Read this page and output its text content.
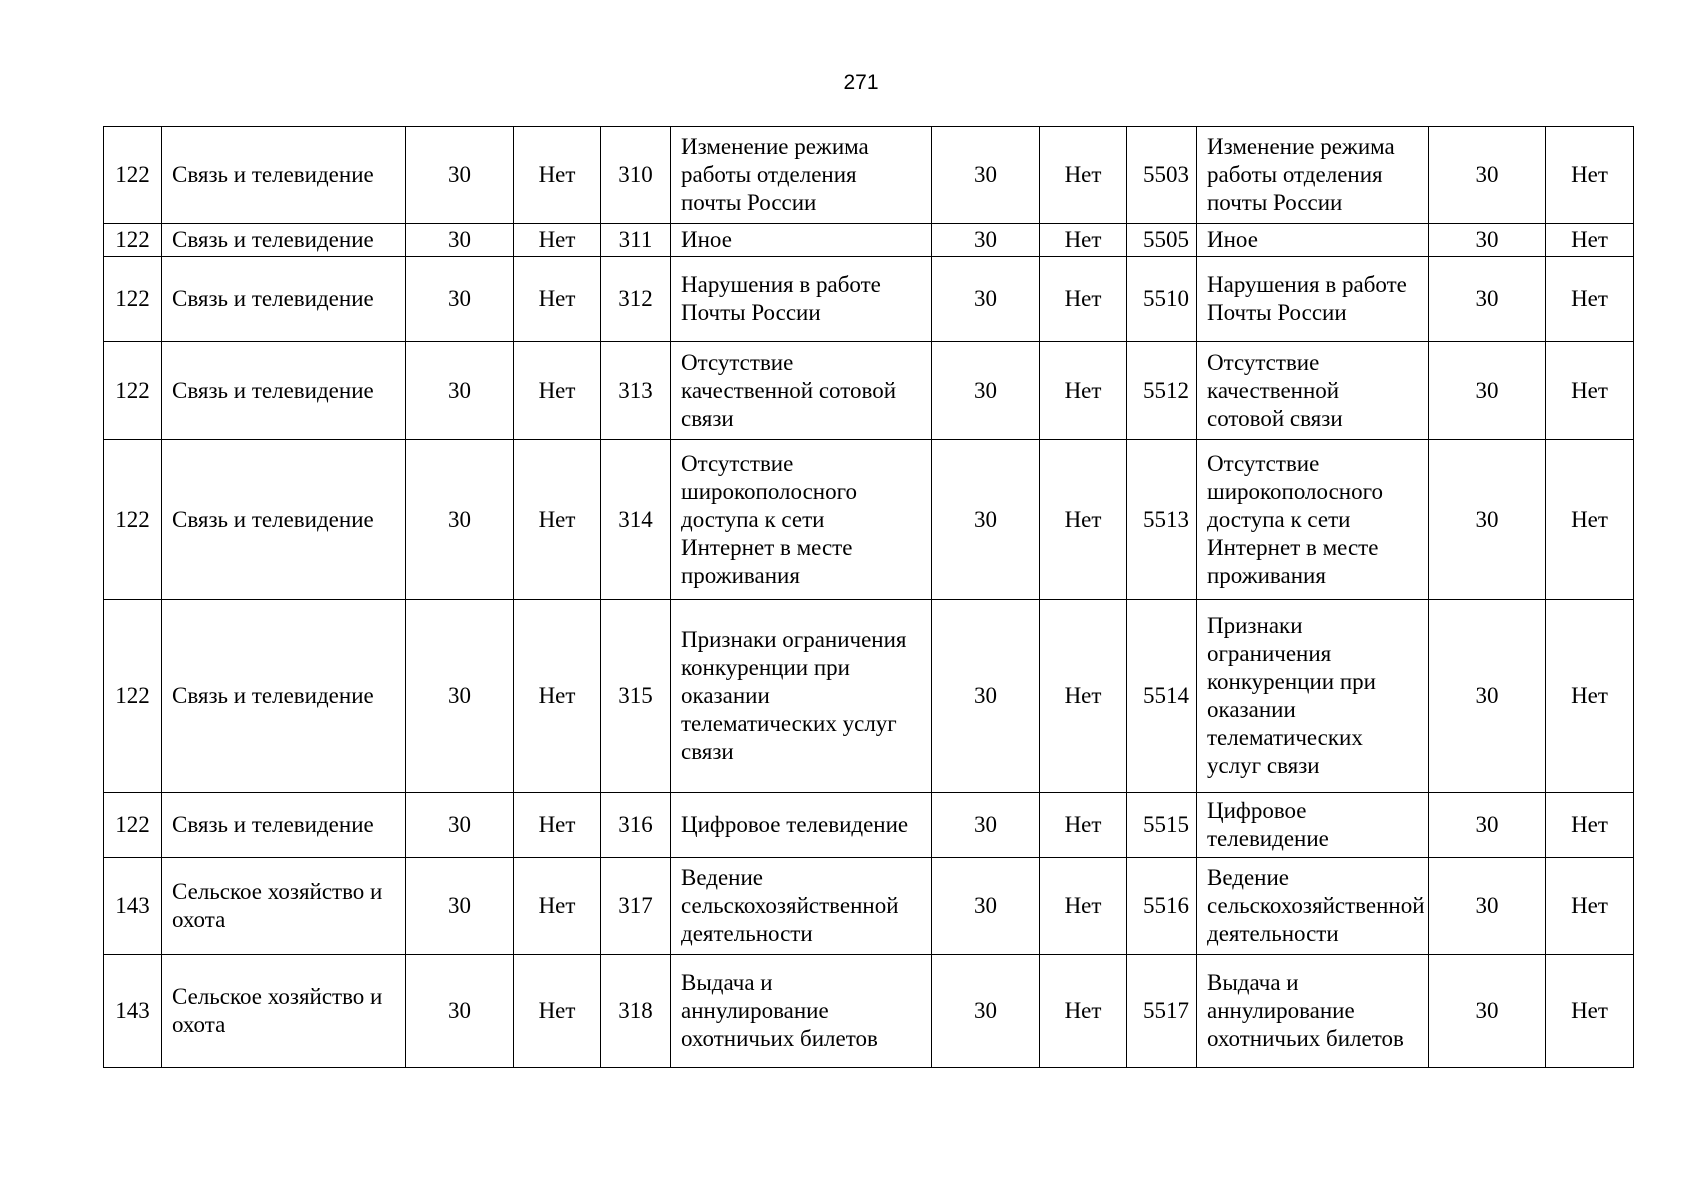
271
122	Связь и телевидение	30	Нет	310	Изменение режима работы отделения почты России	30	Нет	5503	Изменение режима работы отделения почты России	30	Нет
122	Связь и телевидение	30	Нет	311	Иное	30	Нет	5505	Иное	30	Нет
122	Связь и телевидение	30	Нет	312	Нарушения в работе Почты России	30	Нет	5510	Нарушения в работе Почты России	30	Нет
122	Связь и телевидение	30	Нет	313	Отсутствие качественной сотовой связи	30	Нет	5512	Отсутствие качественной сотовой связи	30	Нет
122	Связь и телевидение	30	Нет	314	Отсутствие широкополосного доступа к сети Интернет в месте проживания	30	Нет	5513	Отсутствие широкополосного доступа к сети Интернет в месте проживания	30	Нет
122	Связь и телевидение	30	Нет	315	Признаки ограничения конкуренции при оказании телематических услуг связи	30	Нет	5514	Признаки ограничения конкуренции при оказании телематических услуг связи	30	Нет
122	Связь и телевидение	30	Нет	316	Цифровое телевидение	30	Нет	5515	Цифровое телевидение	30	Нет
143	Сельское хозяйство и охота	30	Нет	317	Ведение сельскохозяйственной деятельности	30	Нет	5516	Ведение сельскохозяйственной деятельности	30	Нет
143	Сельское хозяйство и охота	30	Нет	318	Выдача и аннулирование охотничьих билетов	30	Нет	5517	Выдача и аннулирование охотничьих билетов	30	Нет
